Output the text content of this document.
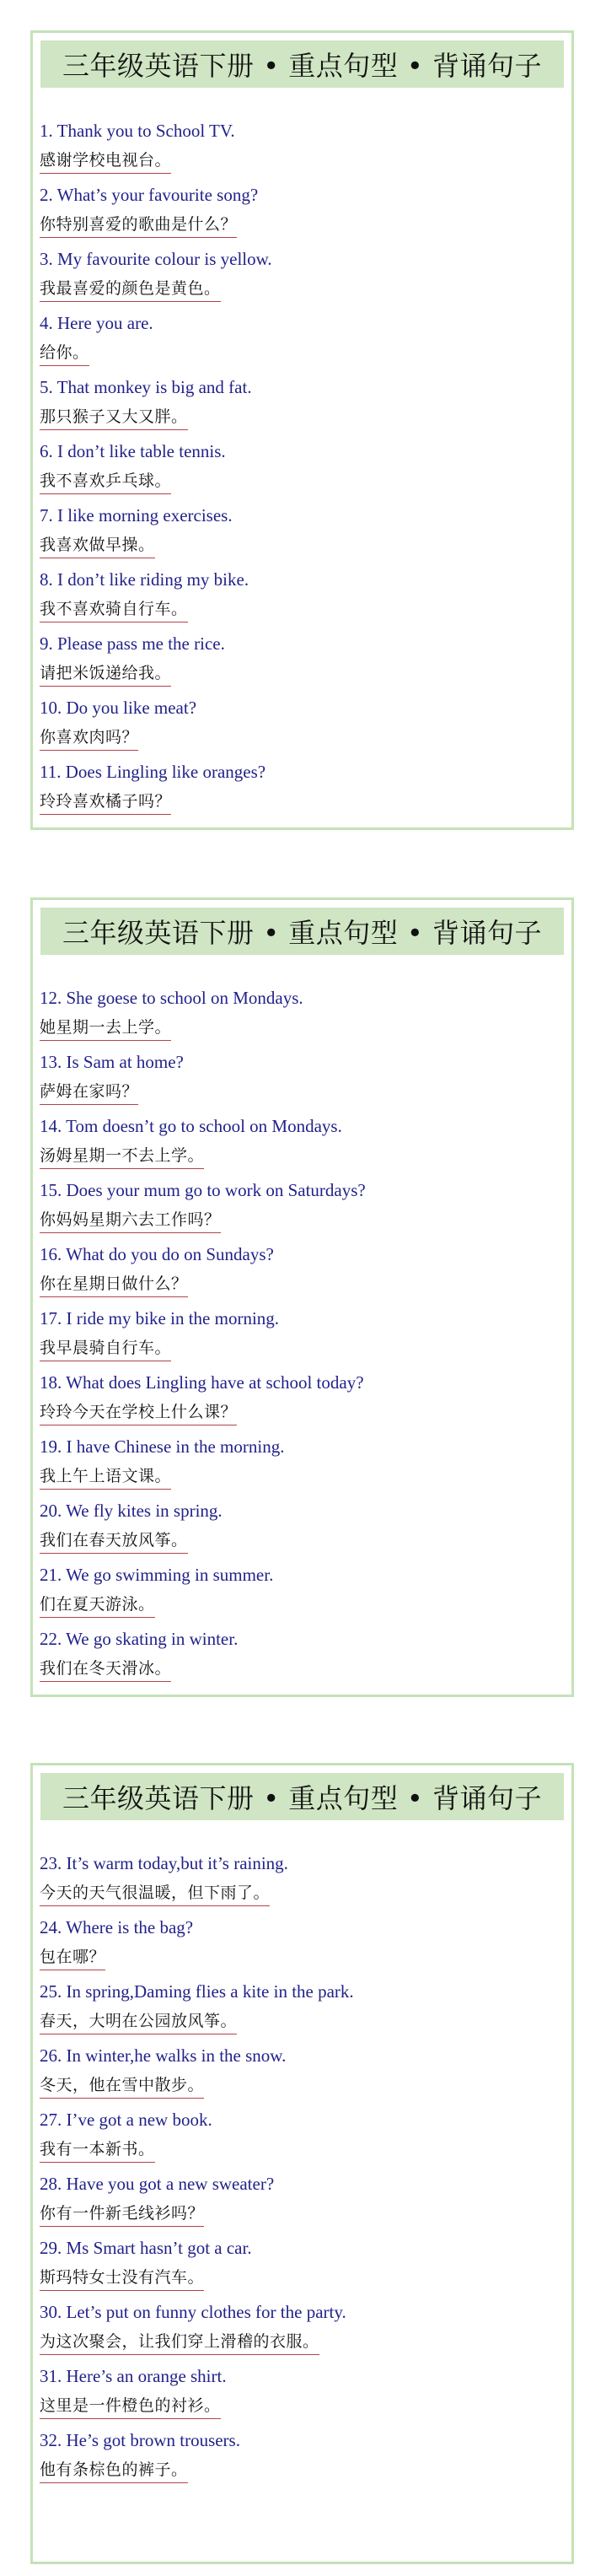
三年级英语下册 • 重点句型 • 背诵句子
1. Thank you to School TV.
感谢学校电视台。
2. What’s your favourite song?
你特别喜爱的歌曲是什么？
3. My favourite colour is yellow.
我最喜爱的颜色是黄色。
4. Here you are.
给你。
5. That monkey is big and fat.
那只猴子又大又胖。
6. I don’t like table tennis.
我不喜欢乒乓球。
7. I like morning exercises.
我喜欢做早操。
8. I don’t like riding my bike.
我不喜欢骑自行车。
9. Please pass me the rice.
请把米饭递给我。
10. Do you like meat?
你喜欢肉吗？
11. Does Lingling like oranges?
玲玲喜欢橘子吗？
三年级英语下册 • 重点句型 • 背诵句子
12. She goese to school on Mondays.
她星期一去上学。
13. Is Sam at home?
萨姆在家吗？
14. Tom doesn’t go to school on Mondays.
汤姆星期一不去上学。
15. Does your mum go to work on Saturdays?
你妈妈星期六去工作吗？
16. What do you do on Sundays?
你在星期日做什么？
17. I ride my bike in the morning.
我早晨骑自行车。
18. What does Lingling have at school today?
玲玲今天在学校上什么课？
19. I have Chinese in the morning.
我上午上语文课。
20. We fly kites in spring.
我们在春天放风筝。
21. We go swimming in summer.
们在夏天游泳。
22. We go skating in winter.
我们在冬天滑冰。
三年级英语下册 • 重点句型 • 背诵句子
23. It’s warm today,but it’s raining.
今天的天气很温暖，但下雨了。
24. Where is the bag?
包在哪？
25. In spring,Daming flies a kite in the park.
春天，大明在公园放风筝。
26. In winter,he walks in the snow.
冬天，他在雪中散步。
27. I’ve got a new book.
我有一本新书。
28. Have you got a new sweater?
你有一件新毛线衫吗？
29. Ms Smart hasn’t got a car.
斯玛特女士没有汽车。
30. Let’s put on funny clothes for the party.
为这次聚会，让我们穿上滑稽的衣服。
31. Here’s an orange shirt.
这里是一件橙色的衬衫。
32. He’s got brown trousers.
他有条棕色的裤子。
